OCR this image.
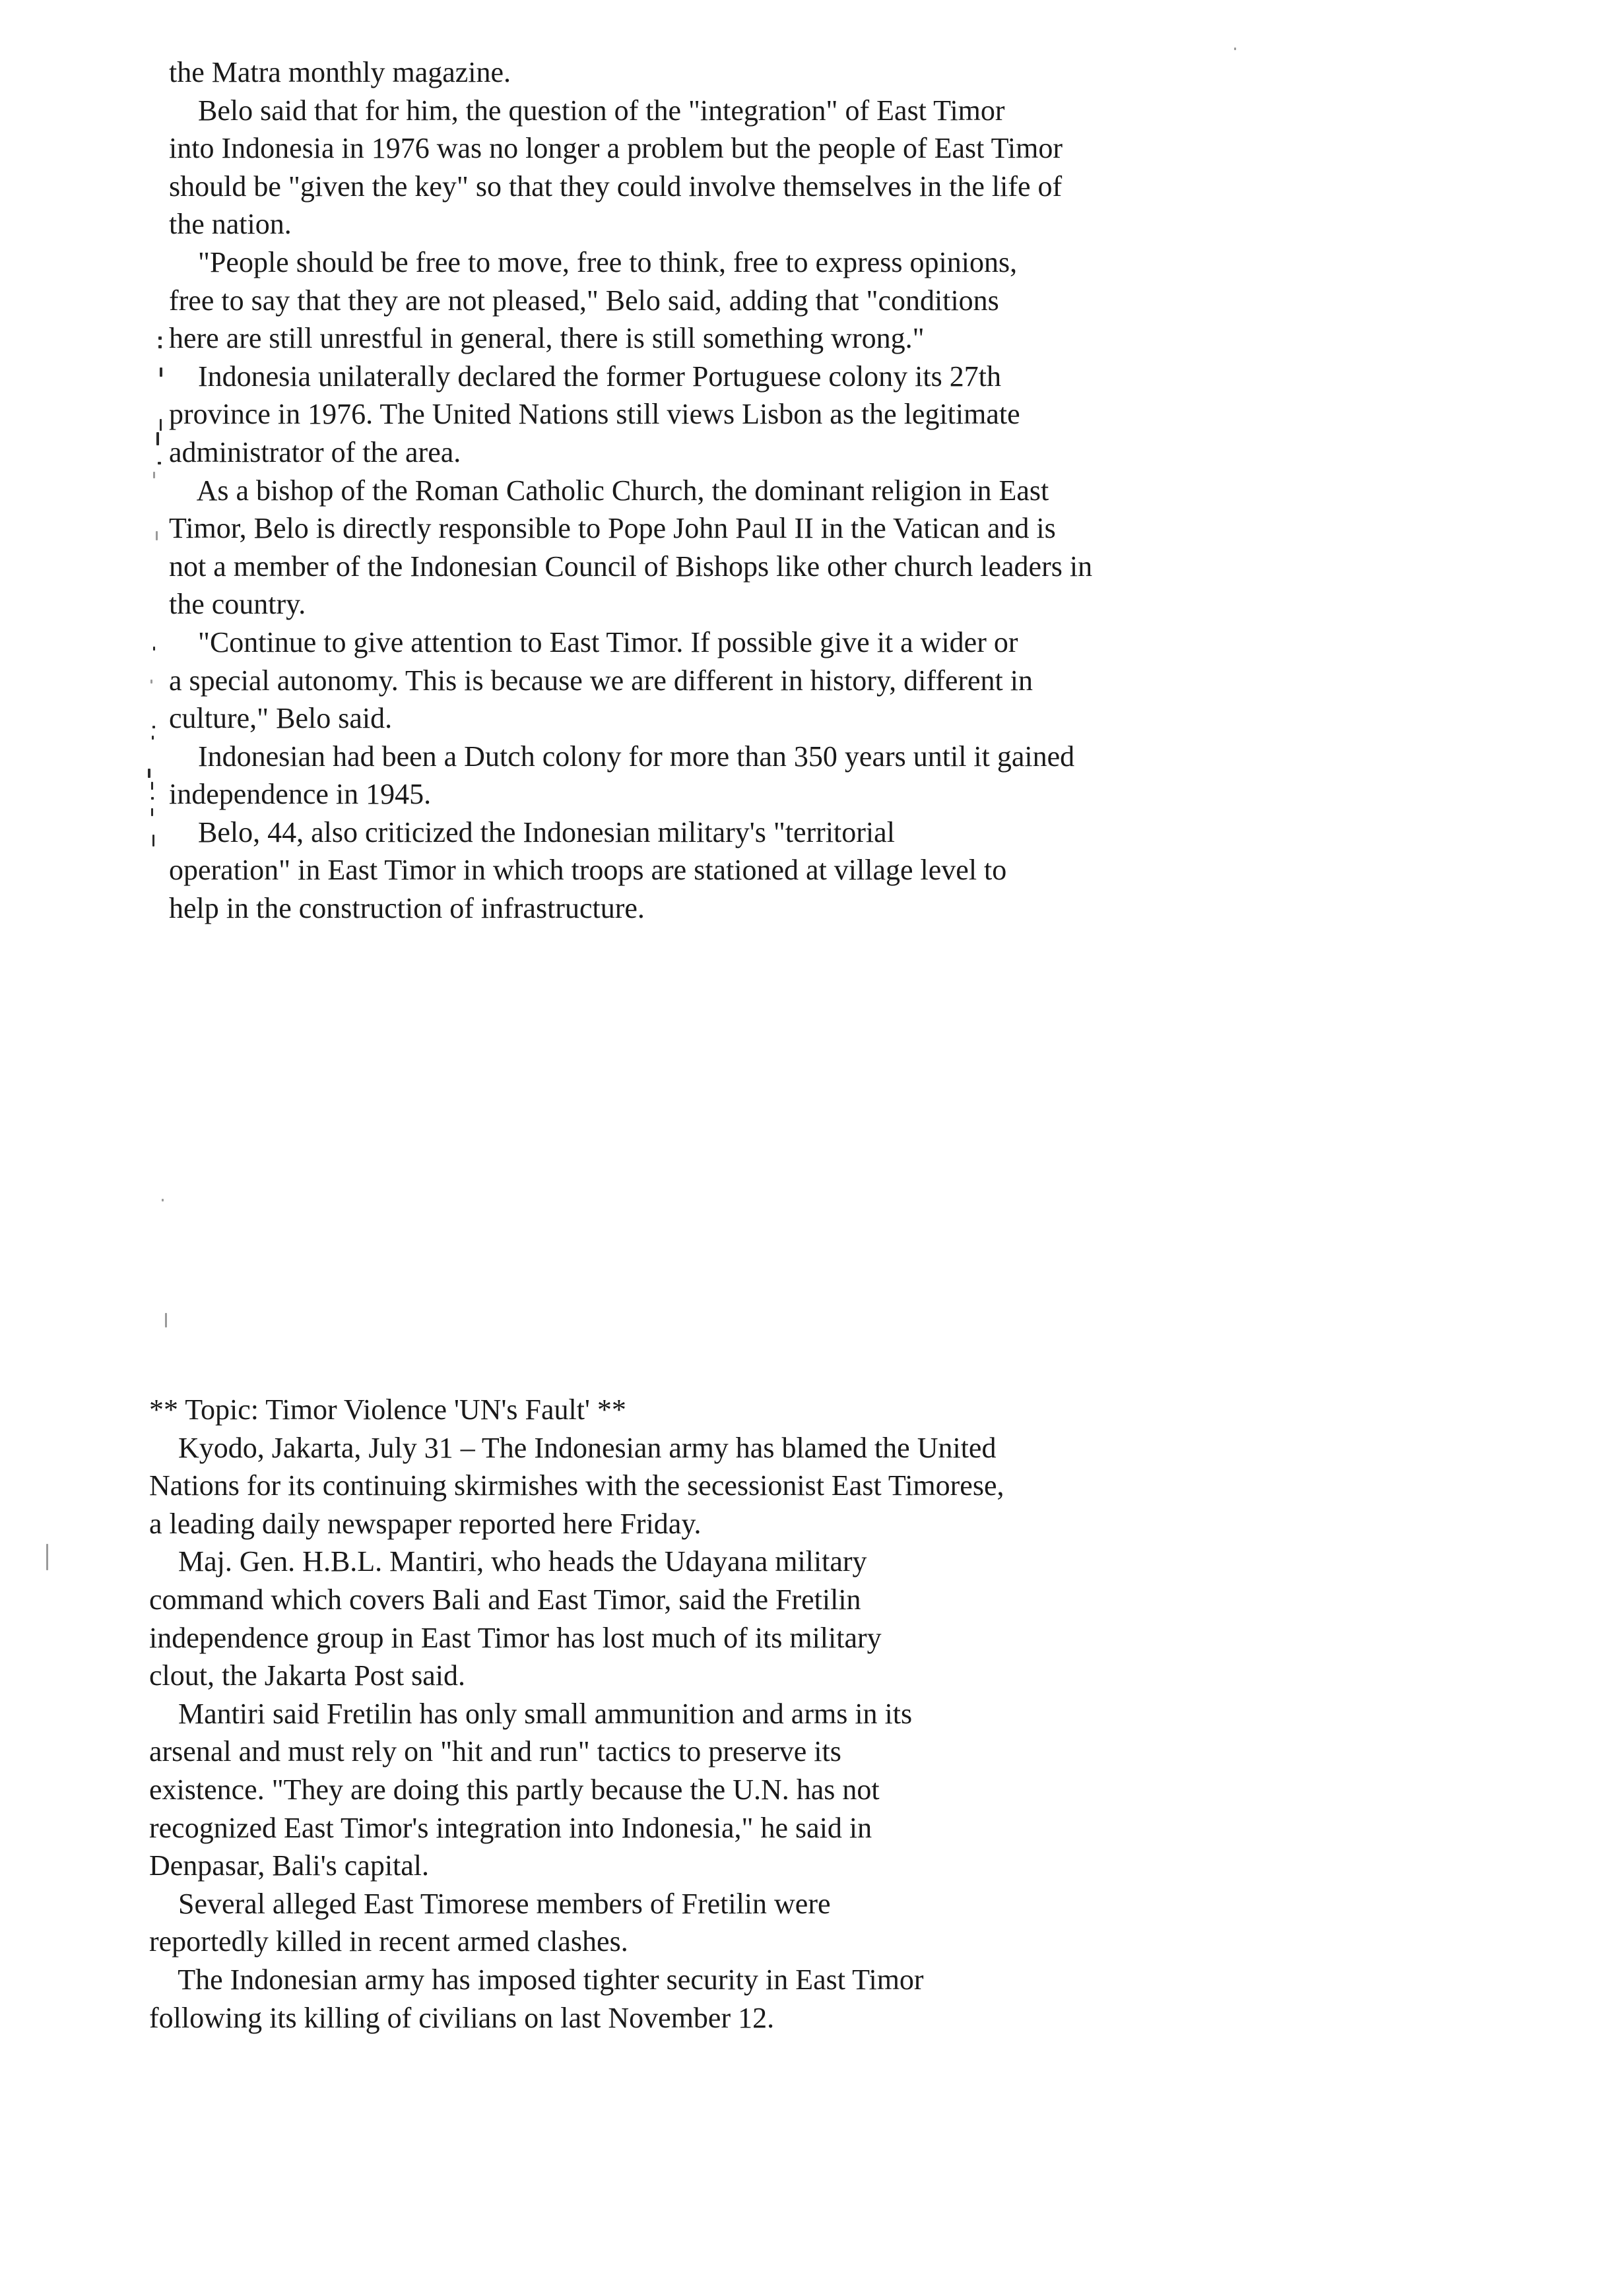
the Matra monthly magazine.
Belo said that for him, the question of the "integration" of East Timor
into Indonesia in 1976 was no longer a problem but the people of East Timor
should be "given the key" so that they could involve themselves in the life of
the nation.
"People should be free to move, free to think, free to express opinions,
free to say that they are not pleased," Belo said, adding that "conditions
here are still unrestful in general, there is still something wrong."
Indonesia unilaterally declared the former Portuguese colony its 27th
province in 1976. The United Nations still views Lisbon as the legitimate
administrator of the area.
As a bishop of the Roman Catholic Church, the dominant religion in East
Timor, Belo is directly responsible to Pope John Paul II in the Vatican and is
not a member of the Indonesian Council of Bishops like other church leaders in
the country.
"Continue to give attention to East Timor. If possible give it a wider or
a special autonomy. This is because we are different in history, different in
culture," Belo said.
Indonesian had been a Dutch colony for more than 350 years until it gained
independence in 1945.
Belo, 44, also criticized the Indonesian military's "territorial
operation" in East Timor in which troops are stationed at village level to
help in the construction of infrastructure.
** Topic: Timor Violence 'UN's Fault' **
Kyodo, Jakarta, July 31 – The Indonesian army has blamed the United
Nations for its continuing skirmishes with the secessionist East Timorese,
a leading daily newspaper reported here Friday.
Maj. Gen. H.B.L. Mantiri, who heads the Udayana military
command which covers Bali and East Timor, said the Fretilin
independence group in East Timor has lost much of its military
clout, the Jakarta Post said.
Mantiri said Fretilin has only small ammunition and arms in its
arsenal and must rely on "hit and run" tactics to preserve its
existence. "They are doing this partly because the U.N. has not
recognized East Timor's integration into Indonesia," he said in
Denpasar, Bali's capital.
Several alleged East Timorese members of Fretilin were
reportedly killed in recent armed clashes.
The Indonesian army has imposed tighter security in East Timor
following its killing of civilians on last November 12.
